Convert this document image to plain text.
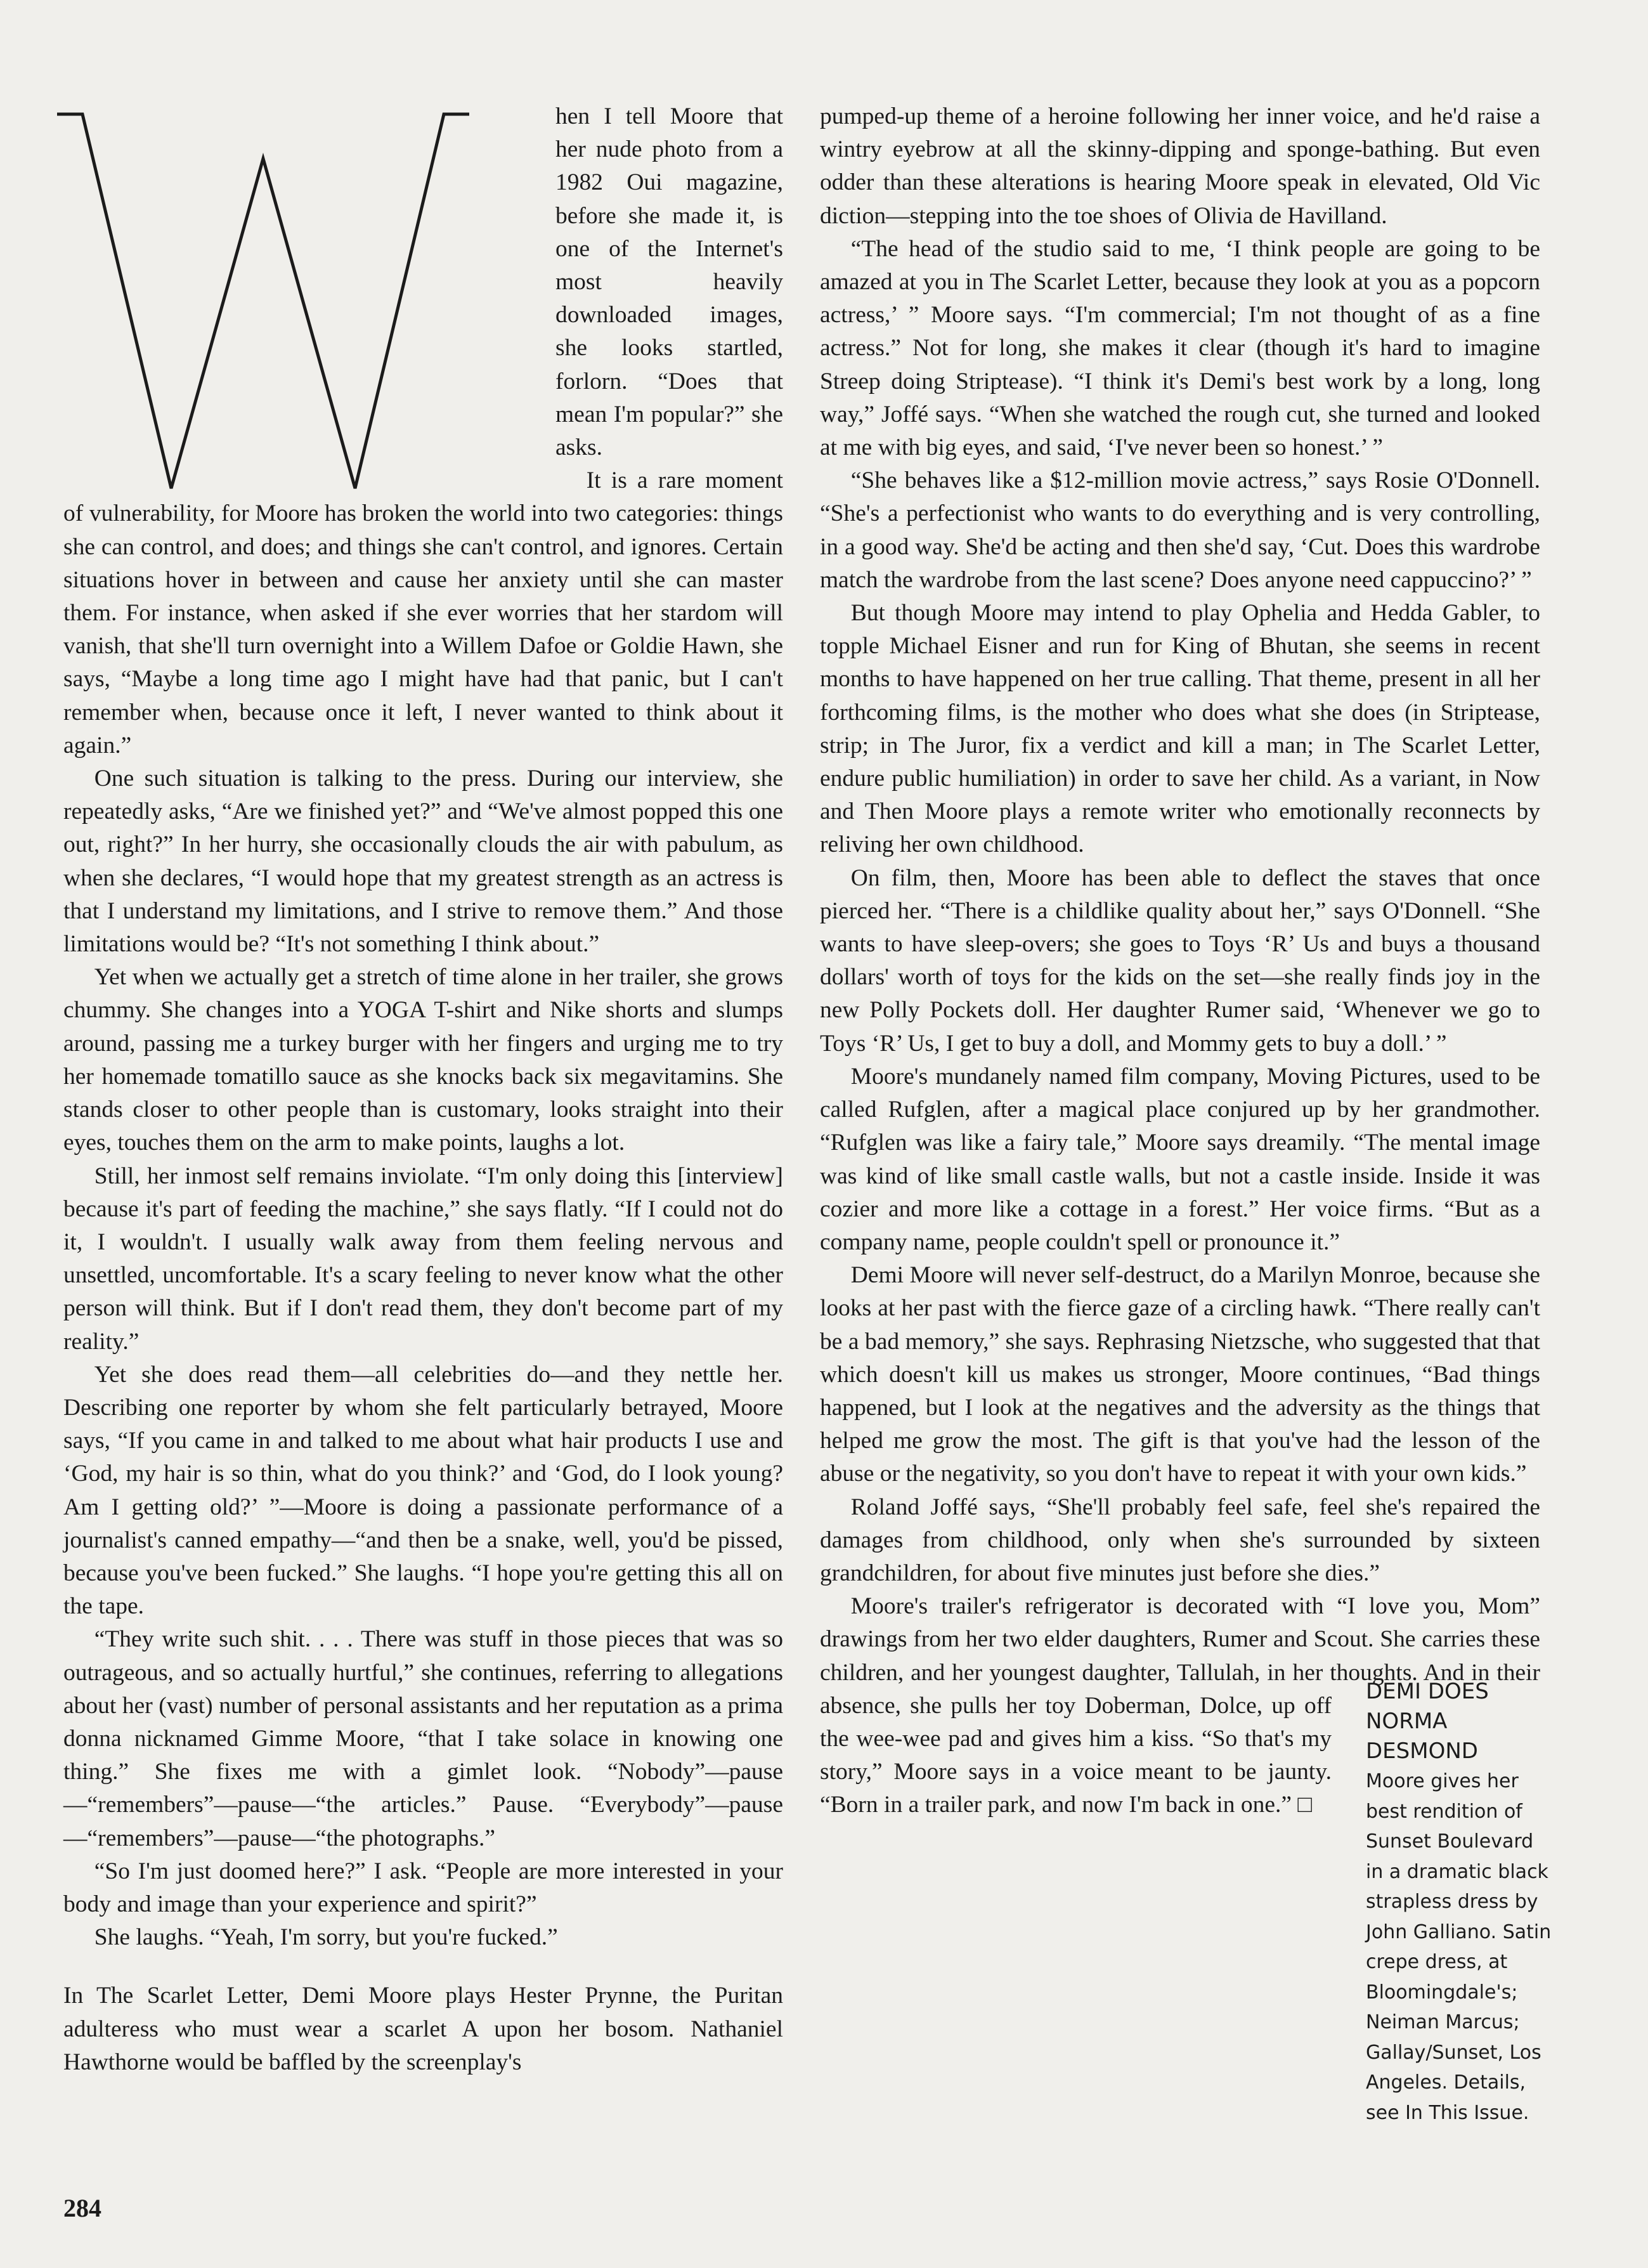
hen I tell Moore that her nude photo from a 1982 Oui magazine, before she made it, is one of the Internet's most heavily downloaded images, she looks startled, forlorn. “Does that mean I'm popular?” she asks.

It is a rare moment of vulnerability, for Moore has broken the world into two categories: things she can control, and does; and things she can't control, and ignores. Certain situations hover in between and cause her anxiety until she can master them. For instance, when asked if she ever worries that her stardom will vanish, that she'll turn overnight into a Willem Dafoe or Goldie Hawn, she says, “Maybe a long time ago I might have had that panic, but I can't remember when, because once it left, I never wanted to think about it again.”

One such situation is talking to the press. During our interview, she repeatedly asks, “Are we finished yet?” and “We've almost popped this one out, right?” In her hurry, she occasionally clouds the air with pabulum, as when she declares, “I would hope that my greatest strength as an actress is that I understand my limitations, and I strive to remove them.” And those limitations would be? “It's not something I think about.”

Yet when we actually get a stretch of time alone in her trailer, she grows chummy. She changes into a YOGA T-shirt and Nike shorts and slumps around, passing me a turkey burger with her fingers and urging me to try her homemade tomatillo sauce as she knocks back six megavitamins. She stands closer to other people than is customary, looks straight into their eyes, touches them on the arm to make points, laughs a lot.

Still, her inmost self remains inviolate. “I'm only doing this [interview] because it's part of feeding the machine,” she says flatly. “If I could not do it, I wouldn't. I usually walk away from them feeling nervous and unsettled, uncomfortable. It's a scary feeling to never know what the other person will think. But if I don't read them, they don't become part of my reality.”

Yet she does read them—all celebrities do—and they nettle her. Describing one reporter by whom she felt particularly betrayed, Moore says, “If you came in and talked to me about what hair products I use and ‘God, my hair is so thin, what do you think?’ and ‘God, do I look young? Am I getting old?’ ”—Moore is doing a passionate performance of a journalist's canned empathy—“and then be a snake, well, you'd be pissed, because you've been fucked.” She laughs. “I hope you're getting this all on the tape.

“They write such shit. . . . There was stuff in those pieces that was so outrageous, and so actually hurtful,” she continues, referring to allegations about her (vast) number of personal assistants and her reputation as a prima donna nicknamed Gimme Moore, “that I take solace in knowing one thing.” She fixes me with a gimlet look. “Nobody”—pause—“remembers”—pause—“the articles.” Pause. “Everybody”—pause—“remembers”—pause—“the photographs.”

“So I'm just doomed here?” I ask. “People are more interested in your body and image than your experience and spirit?”

She laughs. “Yeah, I'm sorry, but you're fucked.”

In The Scarlet Letter, Demi Moore plays Hester Prynne, the Puritan adulteress who must wear a scarlet A upon her bosom. Nathaniel Hawthorne would be baffled by the screenplay's

pumped-up theme of a heroine following her inner voice, and he'd raise a wintry eyebrow at all the skinny-dipping and sponge-bathing. But even odder than these alterations is hearing Moore speak in elevated, Old Vic diction—stepping into the toe shoes of Olivia de Havilland.

“The head of the studio said to me, ‘I think people are going to be amazed at you in The Scarlet Letter, because they look at you as a popcorn actress,’ ” Moore says. “I'm commercial; I'm not thought of as a fine actress.” Not for long, she makes it clear (though it's hard to imagine Streep doing Striptease). “I think it's Demi's best work by a long, long way,” Joffé says. “When she watched the rough cut, she turned and looked at me with big eyes, and said, ‘I've never been so honest.’ ”

“She behaves like a $12-million movie actress,” says Rosie O'Donnell. “She's a perfectionist who wants to do everything and is very controlling, in a good way. She'd be acting and then she'd say, ‘Cut. Does this wardrobe match the wardrobe from the last scene? Does anyone need cappuccino?’ ”

But though Moore may intend to play Ophelia and Hedda Gabler, to topple Michael Eisner and run for King of Bhutan, she seems in recent months to have happened on her true calling. That theme, present in all her forthcoming films, is the mother who does what she does (in Striptease, strip; in The Juror, fix a verdict and kill a man; in The Scarlet Letter, endure public humiliation) in order to save her child. As a variant, in Now and Then Moore plays a remote writer who emotionally reconnects by reliving her own childhood.

On film, then, Moore has been able to deflect the staves that once pierced her. “There is a childlike quality about her,” says O'Donnell. “She wants to have sleep-overs; she goes to Toys ‘R’ Us and buys a thousand dollars' worth of toys for the kids on the set—she really finds joy in the new Polly Pockets doll. Her daughter Rumer said, ‘Whenever we go to Toys ‘R’ Us, I get to buy a doll, and Mommy gets to buy a doll.’ ”

Moore's mundanely named film company, Moving Pictures, used to be called Rufglen, after a magical place conjured up by her grandmother. “Rufglen was like a fairy tale,” Moore says dreamily. “The mental image was kind of like small castle walls, but not a castle inside. Inside it was cozier and more like a cottage in a forest.” Her voice firms. “But as a company name, people couldn't spell or pronounce it.”

Demi Moore will never self-destruct, do a Marilyn Monroe, because she looks at her past with the fierce gaze of a circling hawk. “There really can't be a bad memory,” she says. Rephrasing Nietzsche, who suggested that that which doesn't kill us makes us stronger, Moore continues, “Bad things happened, but I look at the negatives and the adversity as the things that helped me grow the most. The gift is that you've had the lesson of the abuse or the negativity, so you don't have to repeat it with your own kids.”

Roland Joffé says, “She'll probably feel safe, feel she's repaired the damages from childhood, only when she's surrounded by sixteen grandchildren, for about five minutes just before she dies.”

Moore's trailer's refrigerator is decorated with “I love you, Mom” drawings from her two elder daughters, Rumer and Scout. She carries these children, and her youngest daughter, Tallulah, in her thoughts. And in their absence, she pulls her toy Doberman, Dolce, up off the wee-wee pad and gives him a kiss. “So that's my story,” Moore says in a voice meant to be jaunty. “Born in a trailer park, and now I'm back in one.” □

DEMI DOES NORMA DESMOND
Moore gives her best rendition of Sunset Boulevard in a dramatic black strapless dress by John Galliano. Satin crepe dress, at Bloomingdale's; Neiman Marcus; Gallay/Sunset, Los Angeles. Details, see In This Issue.
284
